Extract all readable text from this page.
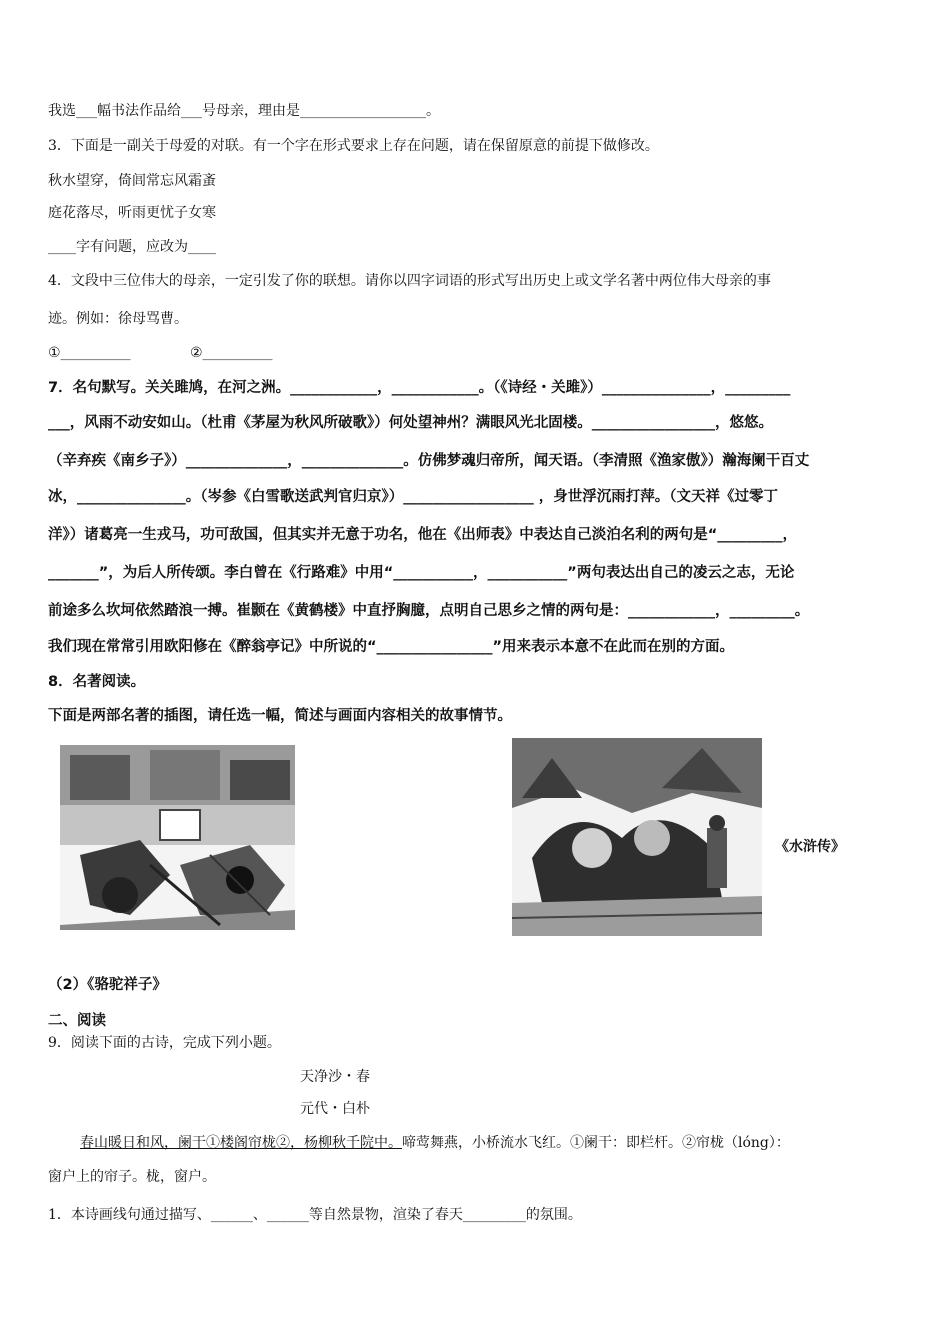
我选___幅书法作品给___号母亲，理由是__________________。
3．下面是一副关于母爱的对联。有一个字在形式要求上存在问题，请在保留原意的前提下做修改。
秋水望穿，倚闾常忘风霜蚉
庭花落尽，听雨更忧子女寒
____字有问题，应改为____
4．文段中三位伟大的母亲，一定引发了你的联想。请你以四字词语的形式写出历史上或文学名著中两位伟大母亲的事
迹。例如：徐母骂曹。
①__________	②__________
7．名句默写。关关雎鸠，在河之洲。____________，____________。（《诗经・关雎》）_______________，_________
___，风雨不动安如山。（杜甫《茅屋为秋风所破歌》）何处望神州？满眼风光北固楼。_________________，悠悠。
（辛弃疾《南乡子》）______________，______________。仿佛梦魂归帝所，闻天语。（李清照《渔家傲》）瀚海阑干百丈
冰，_______________。（岑参《白雪歌送武判官归京》）__________________ ，身世浮沉雨打萍。（文天祥《过零丁
洋》）诸葛亮一生戎马，功可敌国，但其实并无意于功名，他在《出师表》中表达自己淡泊名利的两句是“_________，
_______”，为后人所传颂。李白曾在《行路难》中用“___________，___________”两句表达出自己的凌云之志，无论
前途多么坎坷依然踏浪一搏。崔颢在《黄鹤楼》中直抒胸臆，点明自己思乡之情的两句是：____________，_________。
我们现在常常引用欧阳修在《醉翁亭记》中所说的“________________”用来表示本意不在此而在别的方面。
8．名著阅读。
下面是两部名著的插图，请任选一幅，简述与画面内容相关的故事情节。
《水浒传》
（2）《骆驼祥子》
二、阅读
9．阅读下面的古诗，完成下列小题。
天净沙・春
元代・白朴
春山暖日和风，阑干①楼阁帘栊②，杨柳秋千院中。啼莺舞燕，小桥流水飞红。①阑干：即栏杆。②帘栊（lóng）：
窗户上的帘子。栊，窗户。
1．本诗画线句通过描写、______、______等自然景物，渲染了春天_________的氛围。
